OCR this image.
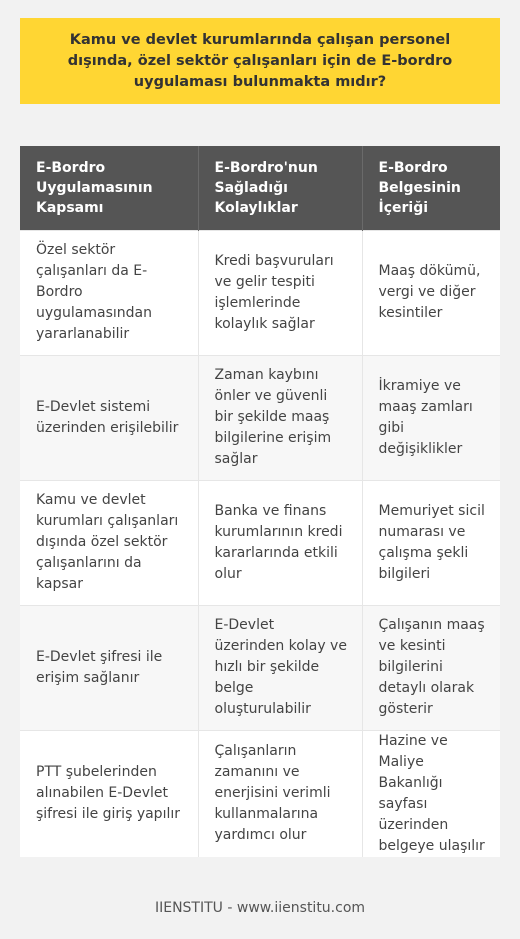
Kamu ve devlet kurumlarında çalışan personel dışında, özel sektör çalışanları için de E-bordro uygulaması bulunmakta mıdır?
E-Bordro Uygulamasının Kapsamı	E-Bordro'nun Sağladığı Kolaylıklar	E-Bordro Belgesinin İçeriği
Özel sektör çalışanları da E-Bordro uygulamasından yararlanabilir	Kredi başvuruları ve gelir tespiti işlemlerinde kolaylık sağlar	Maaş dökümü, vergi ve diğer kesintiler
E-Devlet sistemi üzerinden erişilebilir	Zaman kaybını önler ve güvenli bir şekilde maaş bilgilerine erişim sağlar	İkramiye ve maaş zamları gibi değişiklikler
Kamu ve devlet kurumları çalışanları dışında özel sektör çalışanlarını da kapsar	Banka ve finans kurumlarının kredi kararlarında etkili olur	Memuriyet sicil numarası ve çalışma şekli bilgileri
E-Devlet şifresi ile erişim sağlanır	E-Devlet üzerinden kolay ve hızlı bir şekilde belge oluşturulabilir	Çalışanın maaş ve kesinti bilgilerini detaylı olarak gösterir
PTT şubelerinden alınabilen E-Devlet şifresi ile giriş yapılır	Çalışanların zamanını ve enerjisini verimli kullanmalarına yardımcı olur	Hazine ve Maliye Bakanlığı sayfası üzerinden belgeye ulaşılır
IIENSTITU - www.iienstitu.com
